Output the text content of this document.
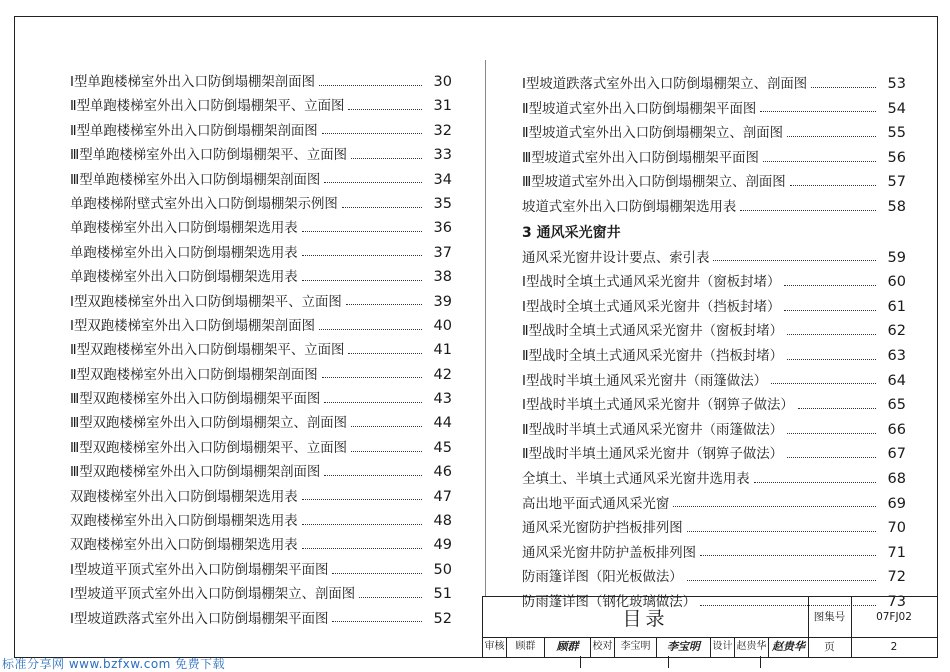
Ⅰ型单跑楼梯室外出入口防倒塌棚架剖面图	30
Ⅱ型单跑楼梯室外出入口防倒塌棚架平、立面图	31
Ⅱ型单跑楼梯室外出入口防倒塌棚架剖面图	32
Ⅲ型单跑楼梯室外出入口防倒塌棚架平、立面图	33
Ⅲ型单跑楼梯室外出入口防倒塌棚架剖面图	34
单跑楼梯附壁式室外出入口防倒塌棚架示例图	35
单跑楼梯室外出入口防倒塌棚架选用表	36
单跑楼梯室外出入口防倒塌棚架选用表	37
单跑楼梯室外出入口防倒塌棚架选用表	38
Ⅰ型双跑楼梯室外出入口防倒塌棚架平、立面图	39
Ⅰ型双跑楼梯室外出入口防倒塌棚架剖面图	40
Ⅱ型双跑楼梯室外出入口防倒塌棚架平、立面图	41
Ⅱ型双跑楼梯室外出入口防倒塌棚架剖面图	42
Ⅲ型双跑楼梯室外出入口防倒塌棚架平面图	43
Ⅲ型双跑楼梯室外出入口防倒塌棚架立、剖面图	44
Ⅲ型双跑楼梯室外出入口防倒塌棚架平、立面图	45
Ⅲ型双跑楼梯室外出入口防倒塌棚架剖面图	46
双跑楼梯室外出入口防倒塌棚架选用表	47
双跑楼梯室外出入口防倒塌棚架选用表	48
双跑楼梯室外出入口防倒塌棚架选用表	49
Ⅰ型坡道平顶式室外出入口防倒塌棚架平面图	50
Ⅰ型坡道平顶式室外出入口防倒塌棚架立、剖面图	51
Ⅰ型坡道跌落式室外出入口防倒塌棚架平面图	52
Ⅰ型坡道跌落式室外出入口防倒塌棚架立、剖面图	53
Ⅱ型坡道式室外出入口防倒塌棚架平面图	54
Ⅱ型坡道式室外出入口防倒塌棚架立、剖面图	55
Ⅲ型坡道式室外出入口防倒塌棚架平面图	56
Ⅲ型坡道式室外出入口防倒塌棚架立、剖面图	57
坡道式室外出入口防倒塌棚架选用表	58
3 通风采光窗井
通风采光窗井设计要点、索引表	59
Ⅰ型战时全填土式通风采光窗井（窗板封堵）	60
Ⅰ型战时全填土式通风采光窗井（挡板封堵）	61
Ⅱ型战时全填土式通风采光窗井（窗板封堵）	62
Ⅱ型战时全填土式通风采光窗井（挡板封堵）	63
Ⅰ型战时半填土通风采光窗井（雨篷做法）	64
Ⅰ型战时半填土式通风采光窗井（钢箅子做法）	65
Ⅱ型战时半填土式通风采光窗井（雨篷做法）	66
Ⅱ型战时半填土通风采光窗井（钢箅子做法）	67
全填土、半填土式通风采光窗井选用表	68
高出地平面式通风采光窗	69
通风采光窗防护挡板排列图	70
通风采光窗井防护盖板排列图	71
防雨篷详图（阳光板做法）	72
防雨篷详图（钢化玻璃做法）	73
目录	图集号	07FJ02
页	2
审核	顾群	顾群	校对 李宝明	李宝明	设计 赵贵华 赵贵华
标准分享网 www.bzfxw.com 免费下载
